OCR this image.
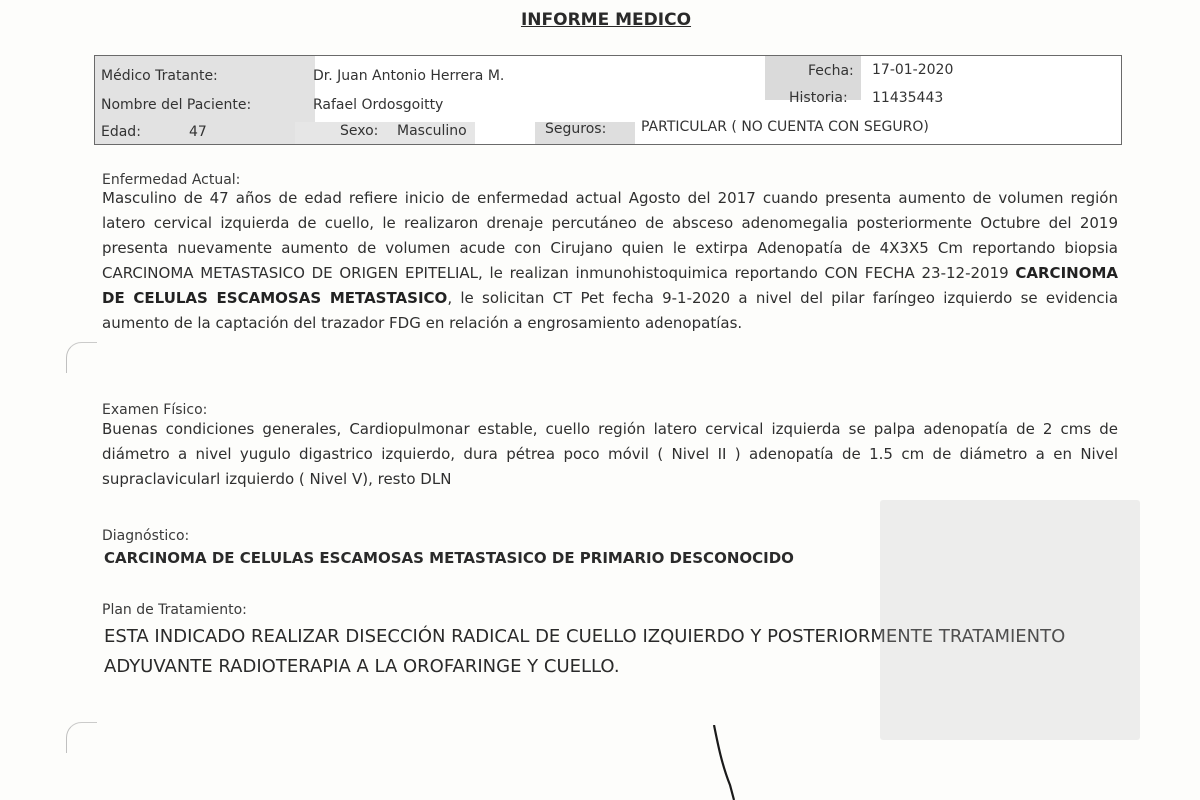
INFORME MEDICO
Médico Tratante:	Dr. Juan Antonio Herrera M.
Nombre del Paciente:	Rafael Ordosgoitty
Edad:	47	Sexo: Masculino	Seguros: PARTICULAR ( NO CUENTA CON SEGURO)
Fecha: 17-01-2020
Historia: 11435443
Enfermedad Actual:

Masculino de 47 años de edad refiere inicio de enfermedad actual Agosto del 2017 cuando presenta aumento de volumen región latero cervical izquierda de cuello, le realizaron drenaje percutáneo de absceso adenomegalia posteriormente Octubre del 2019 presenta nuevamente aumento de volumen acude con Cirujano quien le extirpa Adenopatía de 4X3X5 Cm reportando biopsia CARCINOMA METASTASICO DE ORIGEN EPITELIAL, le realizan inmunohistoquimica reportando CON FECHA 23-12-2019 CARCINOMA DE CELULAS ESCAMOSAS METASTASICO, le solicitan CT Pet fecha 9-1-2020 a nivel del pilar faríngeo izquierdo se evidencia aumento de la captación del trazador FDG en relación a engrosamiento adenopatías.

Examen Físico:

Buenas condiciones generales, Cardiopulmonar estable, cuello región latero cervical izquierda se palpa adenopatía de 2 cms de diámetro a nivel yugulo digastrico izquierdo, dura pétrea poco móvil ( Nivel II ) adenopatía de 1.5 cm de diámetro a en Nivel supraclavicularl izquierdo ( Nivel V), resto DLN

Diagnóstico:
CARCINOMA DE CELULAS ESCAMOSAS METASTASICO DE PRIMARIO DESCONOCIDO
Plan de Tratamiento:

ESTA INDICADO REALIZAR DISECCIÓN RADICAL DE CUELLO IZQUIERDO Y POSTERIORMENTE TRATAMIENTO ADYUVANTE RADIOTERAPIA A LA OROFARINGE Y CUELLO.
